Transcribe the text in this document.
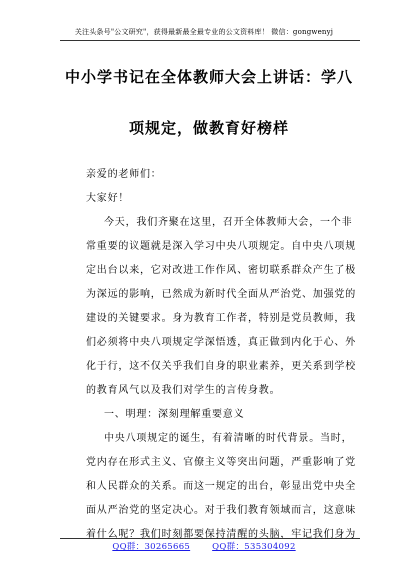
关注头条号"公文研究"，获得最新最全最专业的公文资料库！ 微信：gongwenyj
中小学书记在全体教师大会上讲话：学八
项规定，做教育好榜样
亲爱的老师们：
大家好！
今天，我们齐聚在这里，召开全体教师大会，一个非
常重要的议题就是深入学习中央八项规定。自中央八项规
定出台以来，它对改进工作作风、密切联系群众产生了极
为深远的影响，已然成为新时代全面从严治党、加强党的
建设的关键要求。身为教育工作者，特别是党员教师，我
们必须将中央八项规定学深悟透，真正做到内化于心、外
化于行，这不仅关乎我们自身的职业素养，更关系到学校
的教育风气以及我们对学生的言传身教。
一、明理：深刻理解重要意义
中央八项规定的诞生，有着清晰的时代背景。当时，
党内存在形式主义、官僚主义等突出问题，严重影响了党
和人民群众的关系。而这一规定的出台，彰显出党中央全
面从严治党的坚定决心。对于我们教育领域而言，这意味
着什么呢？我们时刻都要保持清醒的头脑，牢记我们身为
QQ群：30265665	QQ群：535304092
